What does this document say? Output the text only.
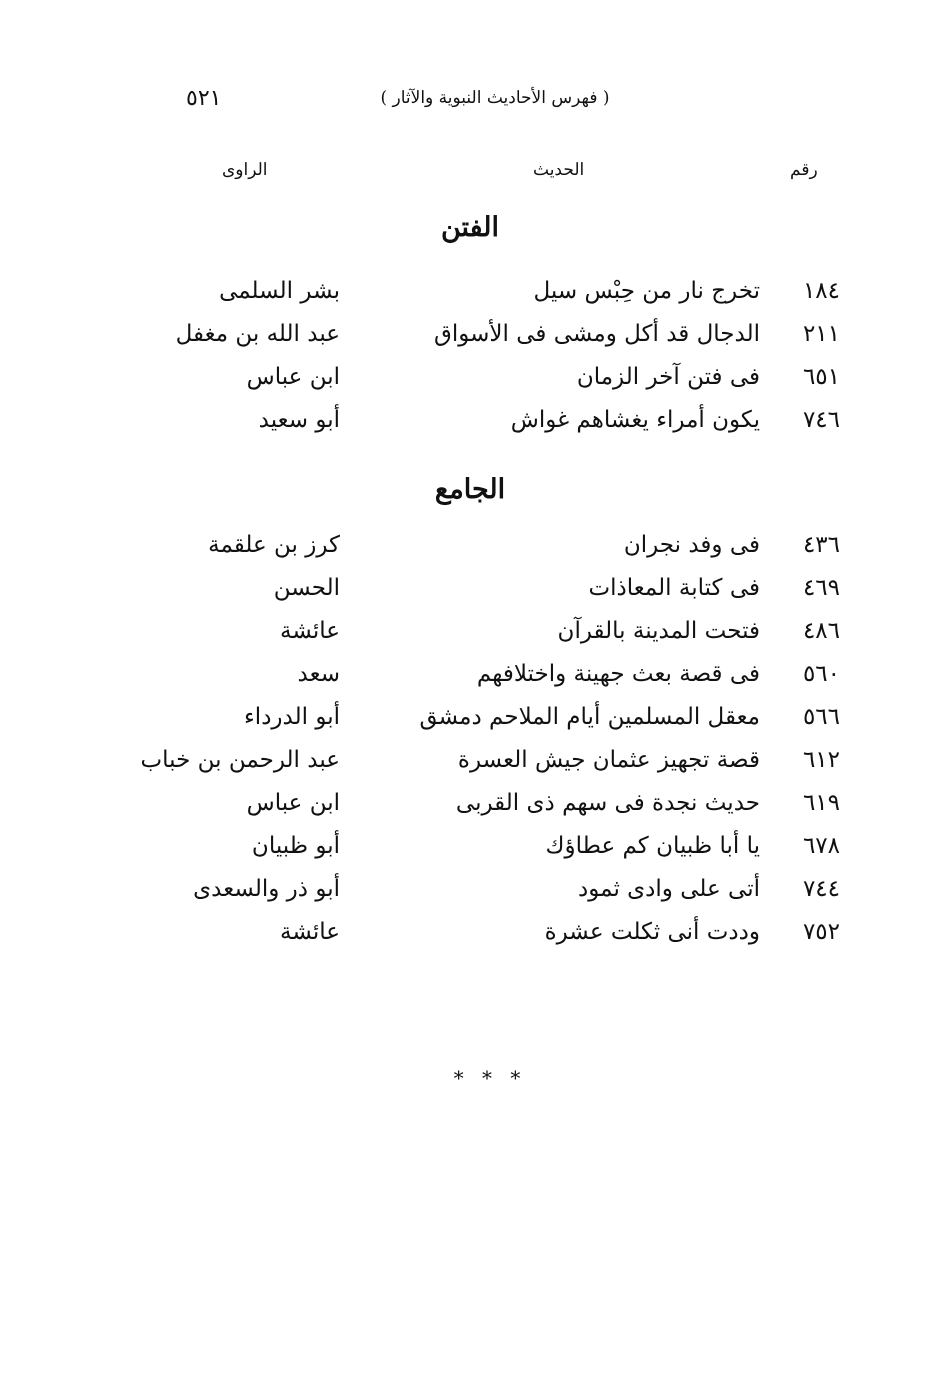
٥٢١	( فهرس الأحاديث النبوية والآثار )
رقم
الحديث
الراوى
الفتن
١٨٤
تخرج نار من حِبْس سيل
بشر السلمى
٢١١
الدجال قد أكل ومشى فى الأسواق
عبد الله بن مغفل
٦٥١
فى فتن آخر الزمان
ابن عباس
٧٤٦
يكون أمراء يغشاهم غواش
أبو سعيد
الجامع
٤٣٦
فى وفد نجران
كرز بن علقمة
٤٦٩
فى كتابة المعاذات
الحسن
٤٨٦
فتحت المدينة بالقرآن
عائشة
٥٦٠
فى قصة بعث جهينة واختلافهم
سعد
٥٦٦
معقل المسلمين أيام الملاحم دمشق
أبو الدرداء
٦١٢
قصة تجهيز عثمان جيش العسرة
عبد الرحمن بن خباب
٦١٩
حديث نجدة فى سهم ذى القربى
ابن عباس
٦٧٨
يا أبا ظبيان كم عطاؤك
أبو ظبيان
٧٤٤
أتى على وادى ثمود
أبو ذر والسعدى
٧٥٢
وددت أنى ثكلت عشرة
عائشة
* * *
